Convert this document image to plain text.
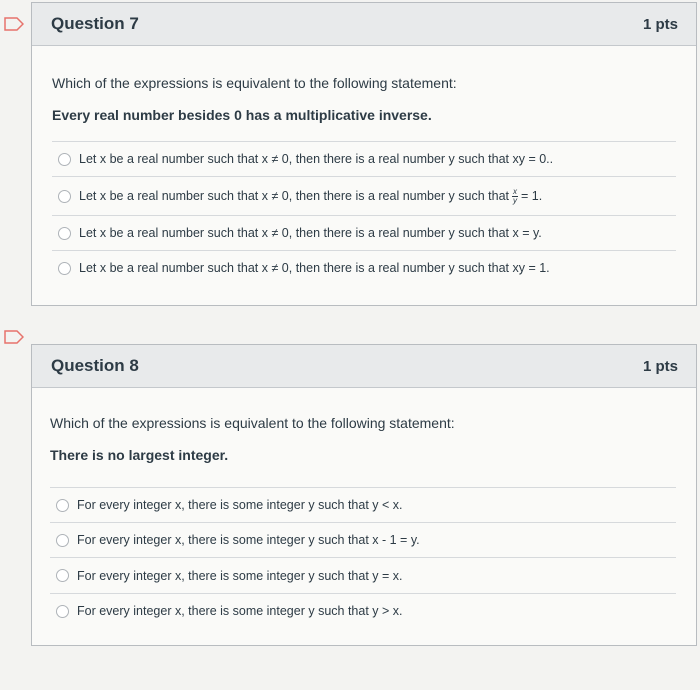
Question 7	1 pts

Which of the expressions is equivalent to the following statement:

Every real number besides 0 has a multiplicative inverse.

Let x be a real number such that x ≠ 0, then there is a real number y such that xy = 0..
Let x be a real number such that x ≠ 0, then there is a real number y such that $\frac{x}{y} = 1$.
Let x be a real number such that x ≠ 0, then there is a real number y such that x = y.
Let x be a real number such that x ≠ 0, then there is a real number y such that xy = 1.
Question 8	1 pts

Which of the expressions is equivalent to the following statement:

There is no largest integer.

For every integer x, there is some integer y such that y < x.
For every integer x, there is some integer y such that x - 1 = y.
For every integer x, there is some integer y such that y = x.
For every integer x, there is some integer y such that y > x.
